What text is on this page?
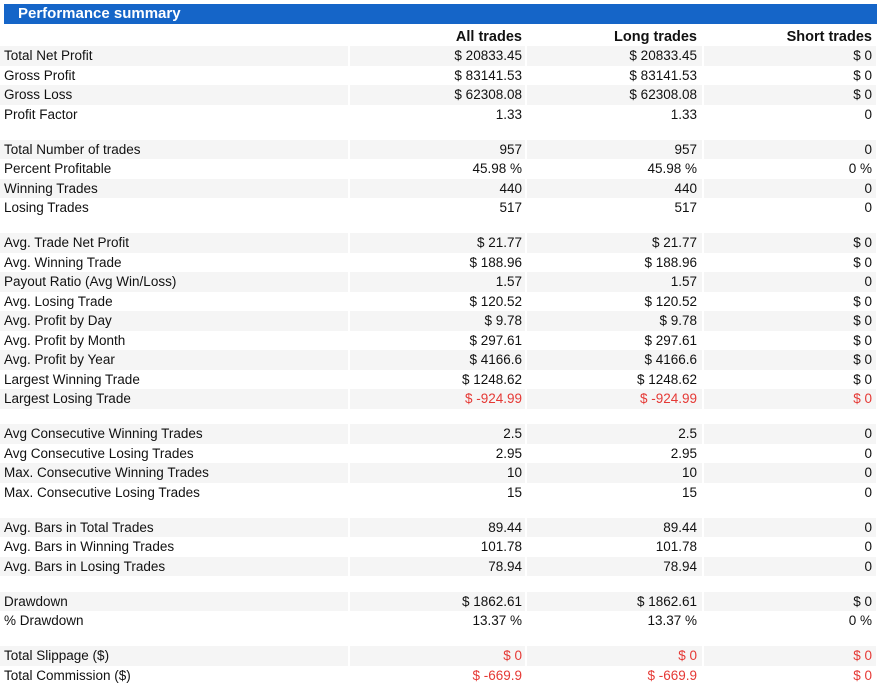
Performance summary
All trades	Long trades	Short trades
Total Net Profit	$ 20833.45	$ 20833.45	$ 0
Gross Profit	$ 83141.53	$ 83141.53	$ 0
Gross Loss	$ 62308.08	$ 62308.08	$ 0
Profit Factor	1.33	1.33	0
Total Number of trades	957	957	0
Percent Profitable	45.98 %	45.98 %	0 %
Winning Trades	440	440	0
Losing Trades	517	517	0
Avg. Trade Net Profit	$ 21.77	$ 21.77	$ 0
Avg. Winning Trade	$ 188.96	$ 188.96	$ 0
Payout Ratio (Avg Win/Loss)	1.57	1.57	0
Avg. Losing Trade	$ 120.52	$ 120.52	$ 0
Avg. Profit by Day	$ 9.78	$ 9.78	$ 0
Avg. Profit by Month	$ 297.61	$ 297.61	$ 0
Avg. Profit by Year	$ 4166.6	$ 4166.6	$ 0
Largest Winning Trade	$ 1248.62	$ 1248.62	$ 0
Largest Losing Trade	$ -924.99	$ -924.99	$ 0
Avg Consecutive Winning Trades	2.5	2.5	0
Avg Consecutive Losing Trades	2.95	2.95	0
Max. Consecutive Winning Trades	10	10	0
Max. Consecutive Losing Trades	15	15	0
Avg. Bars in Total Trades	89.44	89.44	0
Avg. Bars in Winning Trades	101.78	101.78	0
Avg. Bars in Losing Trades	78.94	78.94	0
Drawdown	$ 1862.61	$ 1862.61	$ 0
% Drawdown	13.37 %	13.37 %	0 %
Total Slippage ($)	$ 0	$ 0	$ 0
Total Commission ($)	$ -669.9	$ -669.9	$ 0
